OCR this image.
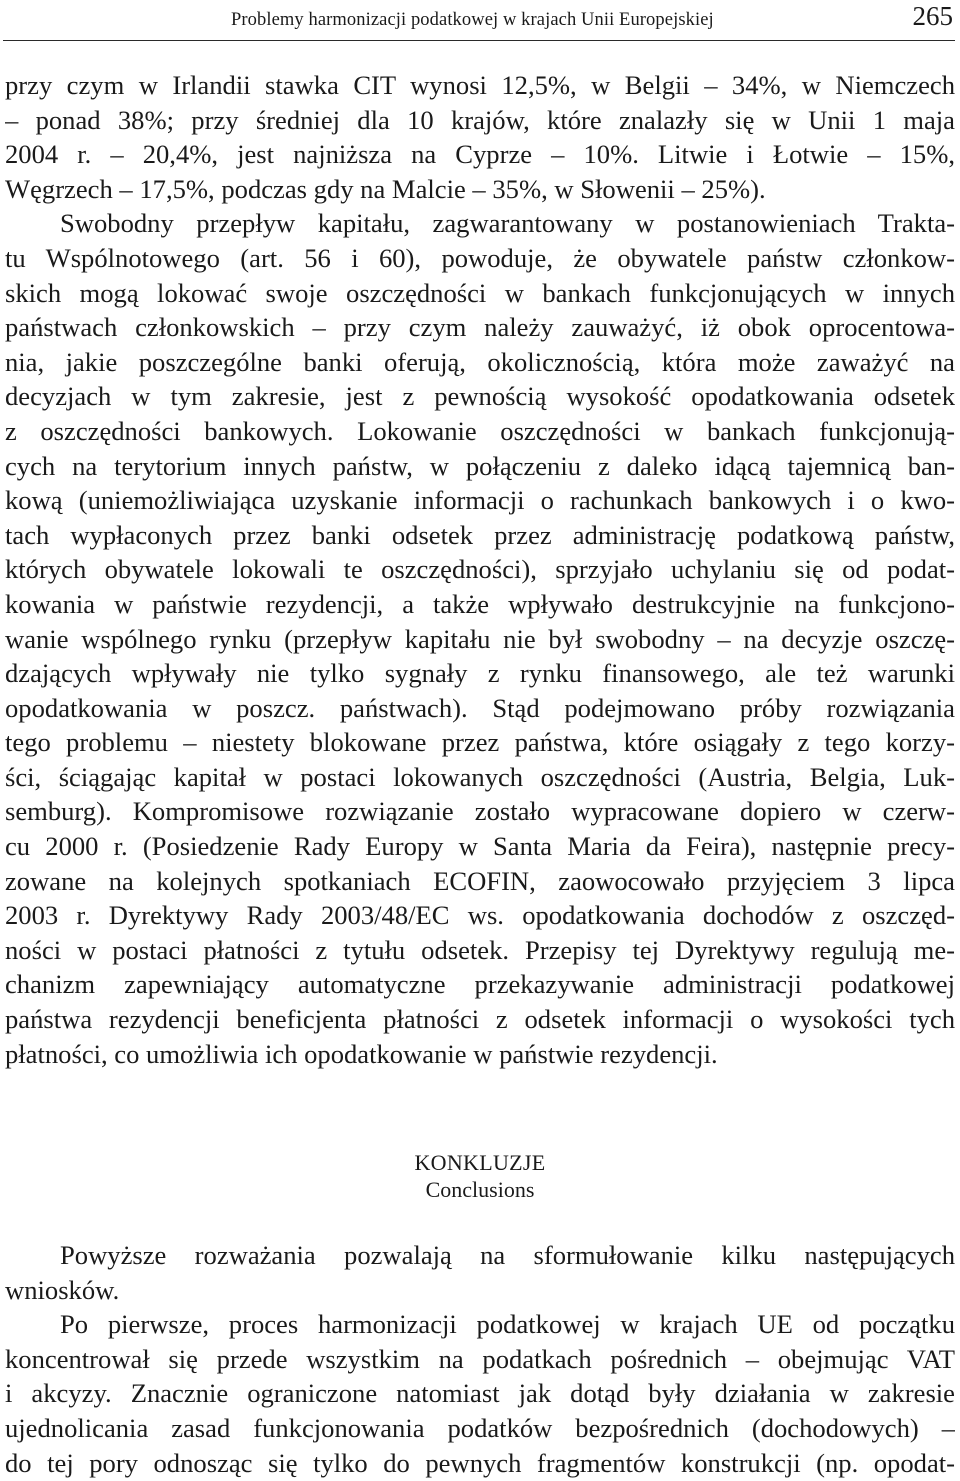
Problemy harmonizacji podatkowej w krajach Unii Europejskiej	265
przy czym w Irlandii stawka CIT wynosi 12,5%, w Belgii – 34%, w Niemczech
– ponad 38%; przy średniej dla 10 krajów, które znalazły się w Unii 1 maja
2004 r. – 20,4%, jest najniższa na Cyprze – 10%. Litwie i Łotwie – 15%,
Węgrzech – 17,5%, podczas gdy na Malcie – 35%, w Słowenii – 25%).
Swobodny przepływ kapitału, zagwarantowany w postanowieniach Trakta-
tu Wspólnotowego (art. 56 i 60), powoduje, że obywatele państw członkow-
skich mogą lokować swoje oszczędności w bankach funkcjonujących w innych
państwach członkowskich – przy czym należy zauważyć, iż obok oprocentowa-
nia, jakie poszczególne banki oferują, okolicznością, która może zaważyć na
decyzjach w tym zakresie, jest z pewnością wysokość opodatkowania odsetek
z oszczędności bankowych. Lokowanie oszczędności w bankach funkcjonują-
cych na terytorium innych państw, w połączeniu z daleko idącą tajemnicą ban-
kową (uniemożliwiająca uzyskanie informacji o rachunkach bankowych i o kwo-
tach wypłaconych przez banki odsetek przez administrację podatkową państw,
których obywatele lokowali te oszczędności), sprzyjało uchylaniu się od podat-
kowania w państwie rezydencji, a także wpływało destrukcyjnie na funkcjono-
wanie wspólnego rynku (przepływ kapitału nie był swobodny – na decyzje oszczę-
dzających wpływały nie tylko sygnały z rynku finansowego, ale też warunki
opodatkowania w poszcz. państwach). Stąd podejmowano próby rozwiązania
tego problemu – niestety blokowane przez państwa, które osiągały z tego korzy-
ści, ściągając kapitał w postaci lokowanych oszczędności (Austria, Belgia, Luk-
semburg). Kompromisowe rozwiązanie zostało wypracowane dopiero w czerw-
cu 2000 r. (Posiedzenie Rady Europy w Santa Maria da Feira), następnie precy-
zowane na kolejnych spotkaniach ECOFIN, zaowocowało przyjęciem 3 lipca
2003 r. Dyrektywy Rady 2003/48/EC ws. opodatkowania dochodów z oszczęd-
ności w postaci płatności z tytułu odsetek. Przepisy tej Dyrektywy regulują me-
chanizm zapewniający automatyczne przekazywanie administracji podatkowej
państwa rezydencji beneficjenta płatności z odsetek informacji o wysokości tych
płatności, co umożliwia ich opodatkowanie w państwie rezydencji.
KONKLUZJE
Conclusions
Powyższe rozważania pozwalają na sformułowanie kilku następujących
wniosków.
Po pierwsze, proces harmonizacji podatkowej w krajach UE od początku
koncentrował się przede wszystkim na podatkach pośrednich – obejmując VAT
i akcyzy. Znacznie ograniczone natomiast jak dotąd były działania w zakresie
ujednolicania zasad funkcjonowania podatków bezpośrednich (dochodowych) –
do tej pory odnosząc się tylko do pewnych fragmentów konstrukcji (np. opodat-
